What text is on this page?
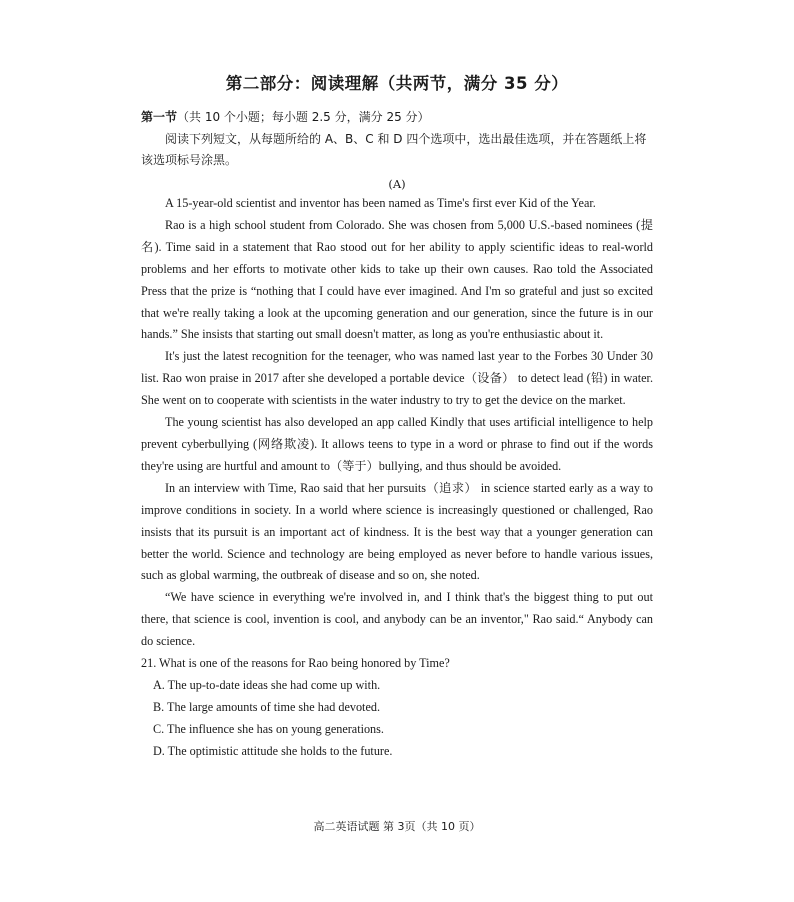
第二部分：阅读理解（共两节，满分 35 分）
第一节（共 10 个小题；每小题 2.5 分，满分 25 分）

阅读下列短文，从每题所给的 A、B、C 和 D 四个选项中，选出最佳选项，并在答题纸上将该选项标号涂黑。

(A)

A 15-year-old scientist and inventor has been named as Time's first ever Kid of the Year.

Rao is a high school student from Colorado. She was chosen from 5,000 U.S.-based nominees (提名). Time said in a statement that Rao stood out for her ability to apply scientific ideas to real-world problems and her efforts to motivate other kids to take up their own causes. Rao told the Associated Press that the prize is “nothing that I could have ever imagined. And I'm so grateful and just so excited that we're really taking a look at the upcoming generation and our generation, since the future is in our hands.” She insists that starting out small doesn't matter, as long as you're enthusiastic about it.

It's just the latest recognition for the teenager, who was named last year to the Forbes 30 Under 30 list. Rao won praise in 2017 after she developed a portable device（设备） to detect lead (铅) in water. She went on to cooperate with scientists in the water industry to try to get the device on the market.

The young scientist has also developed an app called Kindly that uses artificial intelligence to help prevent cyberbullying (网络欺凌). It allows teens to type in a word or phrase to find out if the words they're using are hurtful and amount to（等于）bullying, and thus should be avoided.

In an interview with Time, Rao said that her pursuits（追求） in science started early as a way to improve conditions in society. In a world where science is increasingly questioned or challenged, Rao insists that its pursuit is an important act of kindness. It is the best way that a younger generation can better the world. Science and technology are being employed as never before to handle various issues, such as global warming, the outbreak of disease and so on, she noted.

“We have science in everything we're involved in, and I think that's the biggest thing to put out there, that science is cool, invention is cool, and anybody can be an inventor," Rao said.“ Anybody can do science.

21. What is one of the reasons for Rao being honored by Time?

A. The up-to-date ideas she had come up with.

B. The large amounts of time she had devoted.

C. The influence she has on young generations.

D. The optimistic attitude she holds to the future.

高二英语试题 第 3页（共 10 页）
